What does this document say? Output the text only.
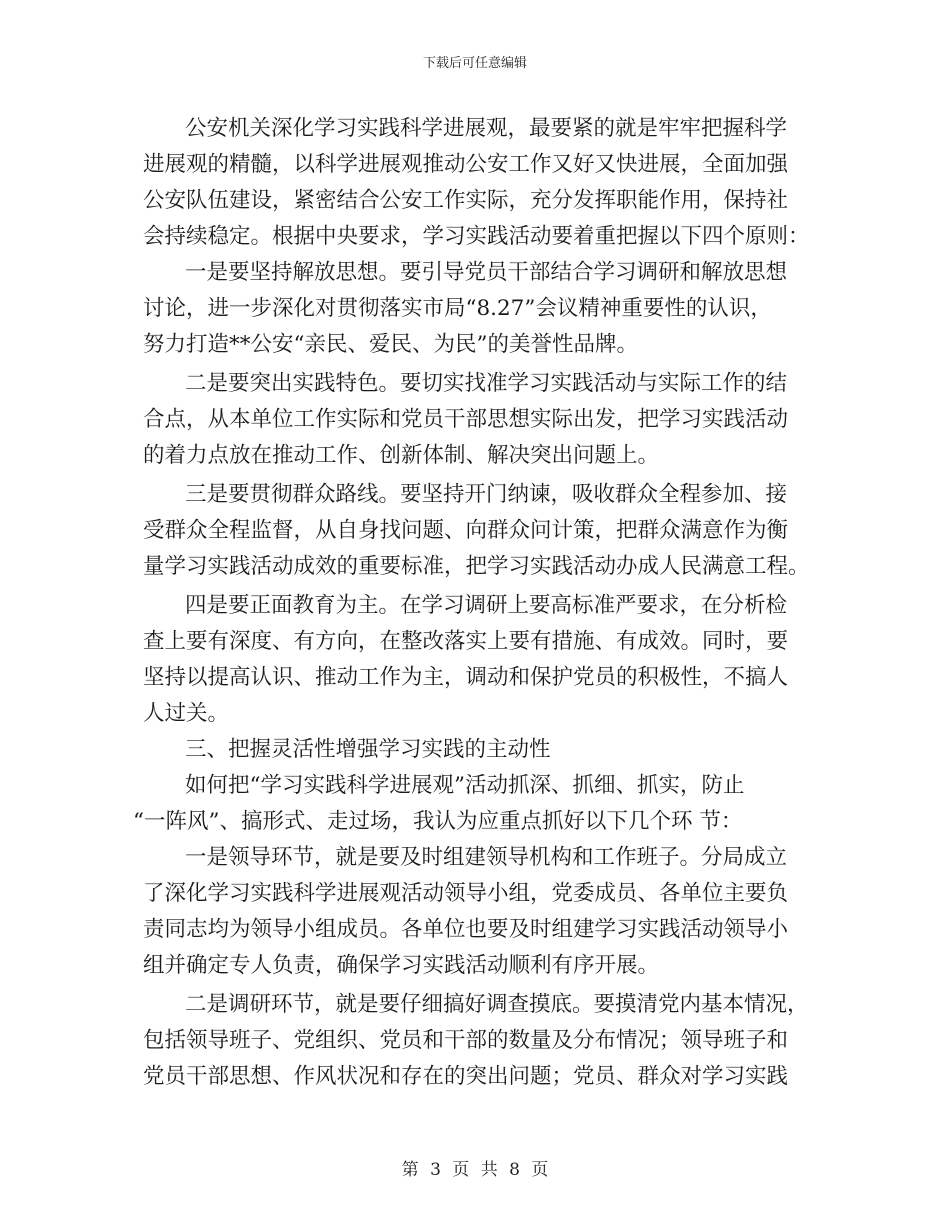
下载后可任意编辑
公安机关深化学习实践科学进展观，最要紧的就是牢牢把握科学
进展观的精髓，以科学进展观推动公安工作又好又快进展，全面加强
公安队伍建设，紧密结合公安工作实际，充分发挥职能作用，保持社
会持续稳定。根据中央要求，学习实践活动要着重把握以下四个原则：
一是要坚持解放思想。要引导党员干部结合学习调研和解放思想
讨论，进一步深化对贯彻落实市局“8.27”会议精神重要性的认识，
努力打造**公安“亲民、爱民、为民”的美誉性品牌。
二是要突出实践特色。要切实找准学习实践活动与实际工作的结
合点，从本单位工作实际和党员干部思想实际出发，把学习实践活动
的着力点放在推动工作、创新体制、解决突出问题上。
三是要贯彻群众路线。要坚持开门纳谏，吸收群众全程参加、接
受群众全程监督，从自身找问题、向群众问计策，把群众满意作为衡
量学习实践活动成效的重要标准，把学习实践活动办成人民满意工程。
四是要正面教育为主。在学习调研上要高标准严要求，在分析检
查上要有深度、有方向，在整改落实上要有措施、有成效。同时，要
坚持以提高认识、推动工作为主，调动和保护党员的积极性，不搞人
人过关。
三、把握灵活性增强学习实践的主动性
如何把“学习实践科学进展观”活动抓深、抓细、抓实，防止
“一阵风”、搞形式、走过场，我认为应重点抓好以下几个环 节：
一是领导环节，就是要及时组建领导机构和工作班子。分局成立
了深化学习实践科学进展观活动领导小组，党委成员、各单位主要负
责同志均为领导小组成员。各单位也要及时组建学习实践活动领导小
组并确定专人负责，确保学习实践活动顺利有序开展。
二是调研环节，就是要仔细搞好调查摸底。要摸清党内基本情况，
包括领导班子、党组织、党员和干部的数量及分布情况；领导班子和
党员干部思想、作风状况和存在的突出问题；党员、群众对学习实践
第 3 页 共 8 页
